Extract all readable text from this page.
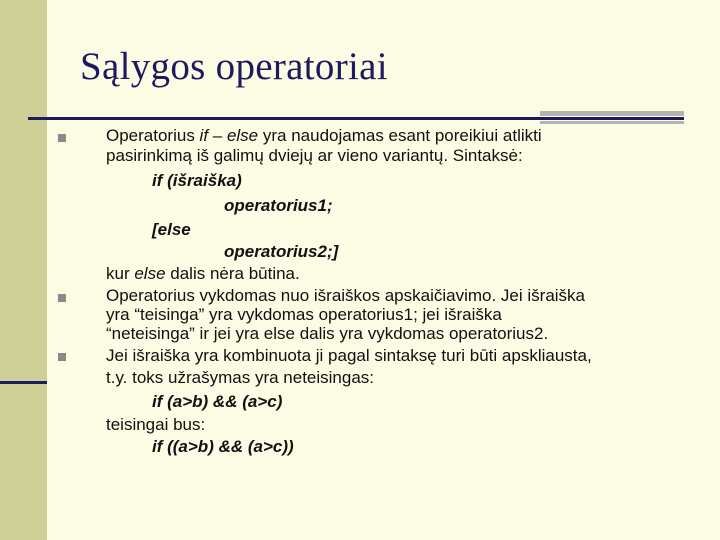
Sąlygos operatoriai
Operatorius if – else yra naudojamas esant poreikiui atlikti
pasirinkimą iš galimų dviejų ar vieno variantų. Sintaksė:
if (išraiška)
operatorius1;
[else
operatorius2;]
kur else dalis nėra būtina.
Operatorius vykdomas nuo išraiškos apskaičiavimo. Jei išraiška
yra “teisinga” yra vykdomas operatorius1; jei išraiška
“neteisinga” ir jei yra else dalis yra vykdomas operatorius2.
Jei išraiška yra kombinuota ji pagal sintaksę turi būti apskliausta,
t.y. toks užrašymas yra neteisingas:
if (a>b) && (a>c)
teisingai bus:
if ((a>b) && (a>c))
